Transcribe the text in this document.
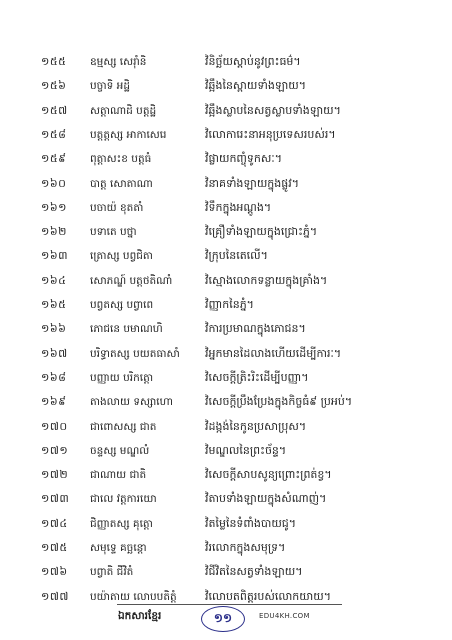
១៥៥	ឧម្មស្ស សេរ៉ាំនិ	វិនិច្ឆ័យស្ដាប់នូវព្រះធម៌។
១៥៦	បច្ចាទិ អដ្ឋិ	វិឆ្អឹងនៃស្ពាយទាំងឡាយ។
១៥៧	សត្តាណាដិ បត្តដ្ឋិ	វិឆ្អឹងស្លាបនៃសត្វស្លាបទាំងឡាយ។
១៥៨	បត្តត្តស្ស អាកាសេរេ	វិលោការេះនាអនុប្រទេសរបស់រ។
១៥៩	ពុត្តាសះខ បត្តធំ	វិផ្លាយកញ្ចុំទូកសៈ។
១៦០	បាត្ត សោតាណា	វិនាគទាំងឡាយក្នុងផ្លូវ។
១៦១	បចាយ៉ ខុតតាំ	វិទឹកក្នុងអណ្ដូង។
១៦២	បទាតេ បថ្នា	វិគ្រឿទាំងឡាយក្នុងជ្រោះភ្នំ។
១៦៣	ត្រោស្ស បព្វជិតា	វិក្រុបនៃតេលើ។
១៦៤	សោភណ្ឌ៍ បត្តថតិណាំ	វិស្មោងលោកទន្លាយក្នុងគ្រាំង។
១៦៥	បព្វតស្ស បព្វាពេ	វិញ្ញាកនៃភ្នំ។
១៦៦	ភោជនេ បមាណហិ	វិការប្រមាណក្នុងភោជន។
១៦៧	បរិទ្ធាតស្ស បយតធាសាំ	វិអ្នកមានដៃលាងហើយដើម្បីការៈ។
១៦៨	បញ្ញាយ បរិកត្តោ	វិសេចក្ដីត្រិះរិះដើម្បីបញ្ញា។
១៦៩	តាងលាយ ទស្សាហោ	វិសេចក្ដីប្រឹងប្រែងក្នុងកិច្ចធំ៩ ប្រអប់។
១៧០	ជាពោសស្ស ជាត	វិដង្កង់នៃកូនប្រសាប្រុស។
១៧១	ចន្ទស្ស មណ្ឌលំ	វិមណ្ឌលនៃព្រះច័ន្ទ។
១៧២	ជាណាយ ជាតិ	វិសេចក្ដីសាបសូន្យព្រោះព្រត់ខ្វ។
១៧៣	ជាលេ វត្តការយោ	វិតាបទាំងឡាយក្នុងសំណាញ់។
១៧៤	ជិញ្ញាតស្ស គុត្តោ	វិតម្លៃនៃទំពាំងបាយជូ។
១៧៥	សមុទ្ទេ គច្ឆន្តោ	វិរលេាកក្នុងសមុទ្រ។
១៧៦	បព្វាតិ ជីវិតំ	វិជីវិតនៃសត្វទាំងឡាយ។
១៧៧	បយ៉ាតាយ លោបបតិត្តំ	វិលោបតពិត្ដរបស់លោកយាយ។
ឯកសារខ្មែរ	១១	EDU4KH.COM
